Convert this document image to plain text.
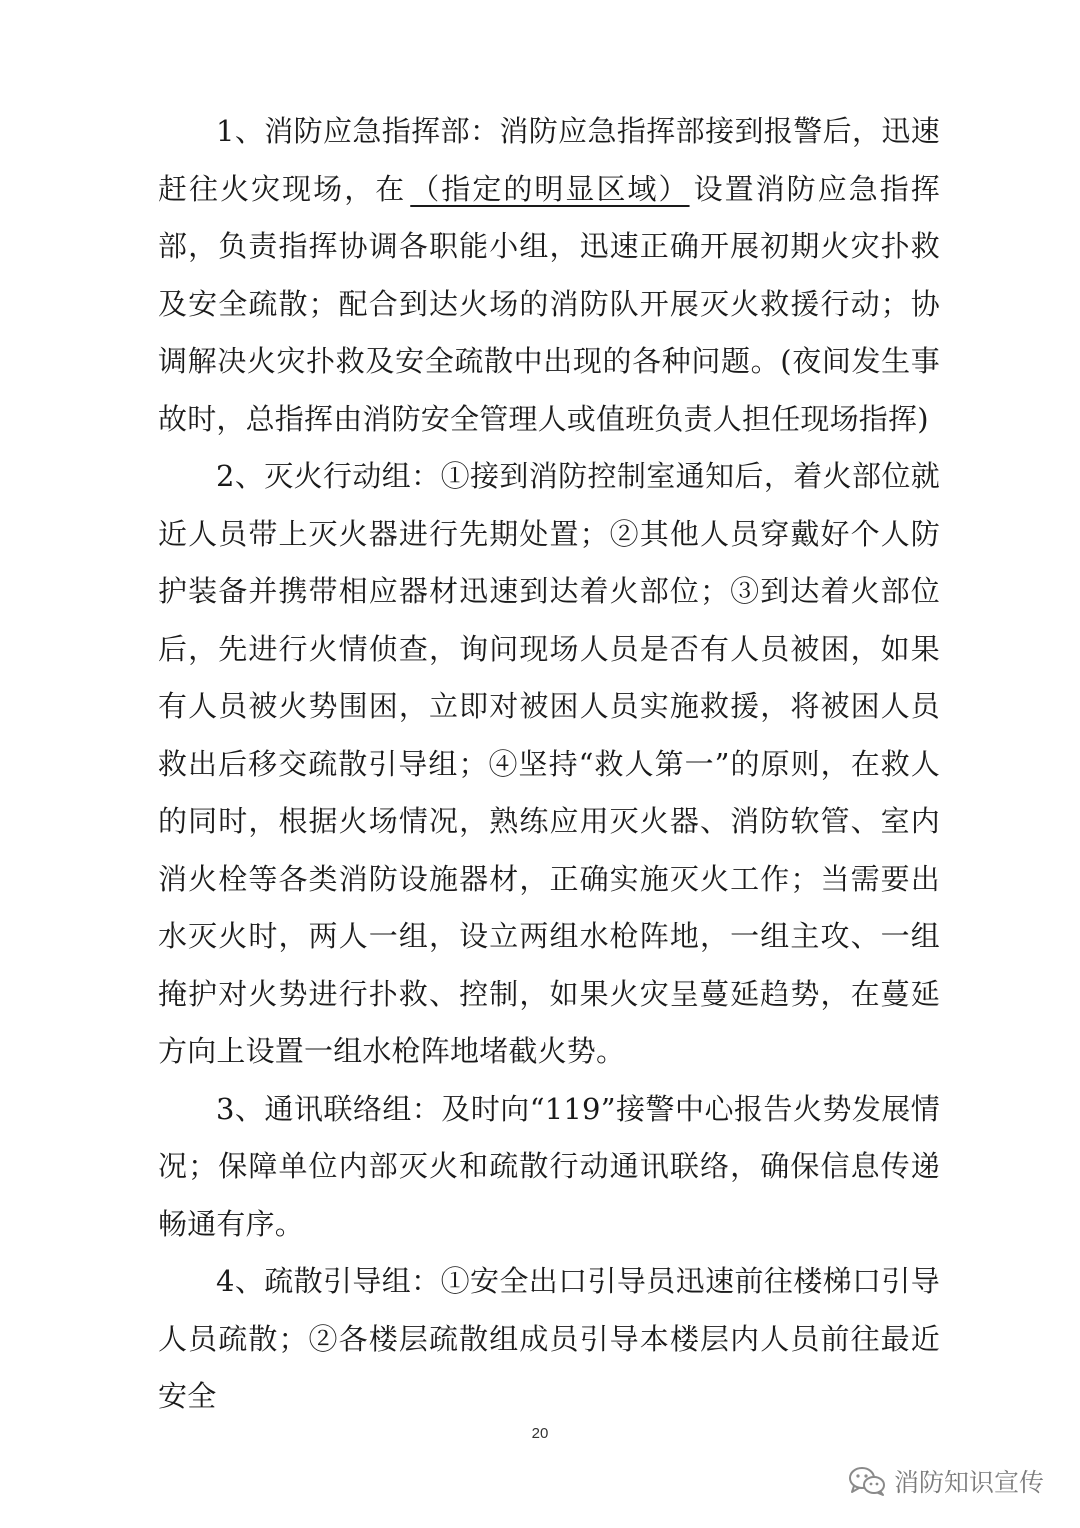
1、消防应急指挥部：消防应急指挥部接到报警后，迅速赶往火灾现场，在 （指定的明显区域） 设置消防应急指挥部，负责指挥协调各职能小组，迅速正确开展初期火灾扑救及安全疏散；配合到达火场的消防队开展灭火救援行动；协调解决火灾扑救及安全疏散中出现的各种问题。(夜间发生事故时，总指挥由消防安全管理人或值班负责人担任现场指挥)

2、灭火行动组：①接到消防控制室通知后，着火部位就近人员带上灭火器进行先期处置；②其他人员穿戴好个人防护装备并携带相应器材迅速到达着火部位；③到达着火部位后，先进行火情侦查，询问现场人员是否有人员被困，如果有人员被火势围困，立即对被困人员实施救援，将被困人员救出后移交疏散引导组；④坚持“救人第一”的原则，在救人的同时，根据火场情况，熟练应用灭火器、消防软管、室内消火栓等各类消防设施器材，正确实施灭火工作；当需要出水灭火时，两人一组，设立两组水枪阵地，一组主攻、一组掩护对火势进行扑救、控制，如果火灾呈蔓延趋势，在蔓延方向上设置一组水枪阵地堵截火势。

3、通讯联络组：及时向“119”接警中心报告火势发展情况；保障单位内部灭火和疏散行动通讯联络，确保信息传递畅通有序。

4、疏散引导组：①安全出口引导员迅速前往楼梯口引导人员疏散；②各楼层疏散组成员引导本楼层内人员前往最近安全

20
消防知识宣传
